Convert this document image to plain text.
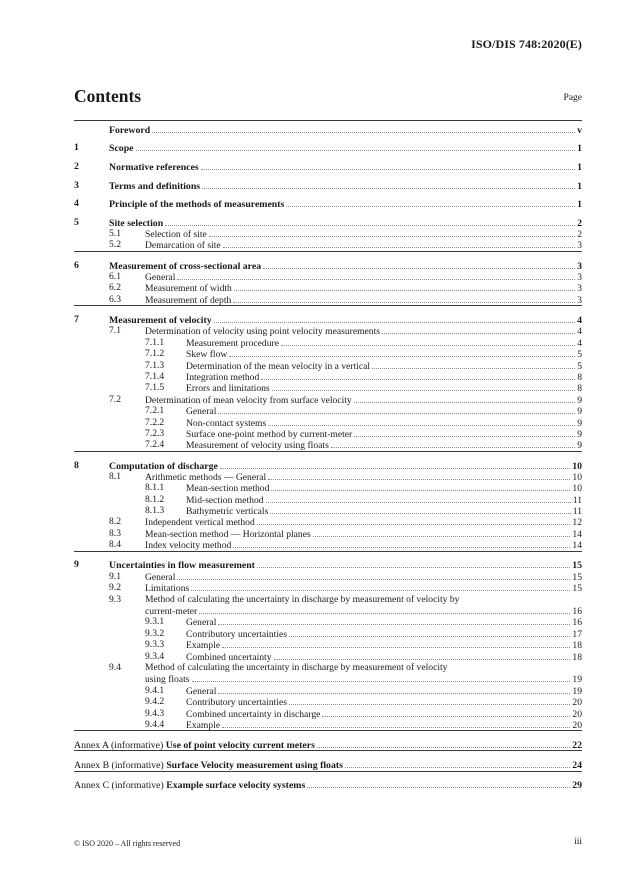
ISO/DIS 748:2020(E)
Contents	Page
Foreword	v
1	Scope	1
2	Normative references	1
3	Terms and definitions	1
4	Principle of the methods of measurements	1
5	Site selection	2
5.1	Selection of site	2
5.2	Demarcation of site	3
6	Measurement of cross-sectional area	3
6.1	General	3
6.2	Measurement of width	3
6.3	Measurement of depth	3
7	Measurement of velocity	4
7.1	Determination of velocity using point velocity measurements	4
7.1.1 Measurement procedure	4
7.1.2 Skew flow	5
7.1.3 Determination of the mean velocity in a vertical	5
7.1.4 Integration method	8
7.1.5 Errors and limitations	8
7.2	Determination of mean velocity from surface velocity	9
7.2.1 General	9
7.2.2 Non-contact systems	9
7.2.3 Surface one-point method by current-meter	9
7.2.4 Measurement of velocity using floats	9
8	Computation of discharge	10
8.1	Arithmetic methods — General	10
8.1.1 Mean-section method	10
8.1.2 Mid-section method	11
8.1.3 Bathymetric verticals	11
8.2	Independent vertical method	12
8.3	Mean-section method — Horizontal planes	14
8.4	Index velocity method	14
9	Uncertainties in flow measurement	15
9.1	General	15
9.2	Limitations	15
9.3	Method of calculating the uncertainty in discharge by measurement of velocity by
current-meter	16
9.3.1 General	16
9.3.2 Contributory uncertainties	17
9.3.3 Example	18
9.3.4 Combined uncertainty	18
9.4	Method of calculating the uncertainty in discharge by measurement of velocity
using floats	19
9.4.1 General	19
9.4.2 Contributory uncertainties	20
9.4.3 Combined uncertainty in discharge	20
9.4.4 Example	20
Annex A (informative) Use of point velocity current meters	22
Annex B (informative) Surface Velocity measurement using floats	24
Annex C (informative) Example surface velocity systems	29
© ISO 2020 – All rights reserved	iii
